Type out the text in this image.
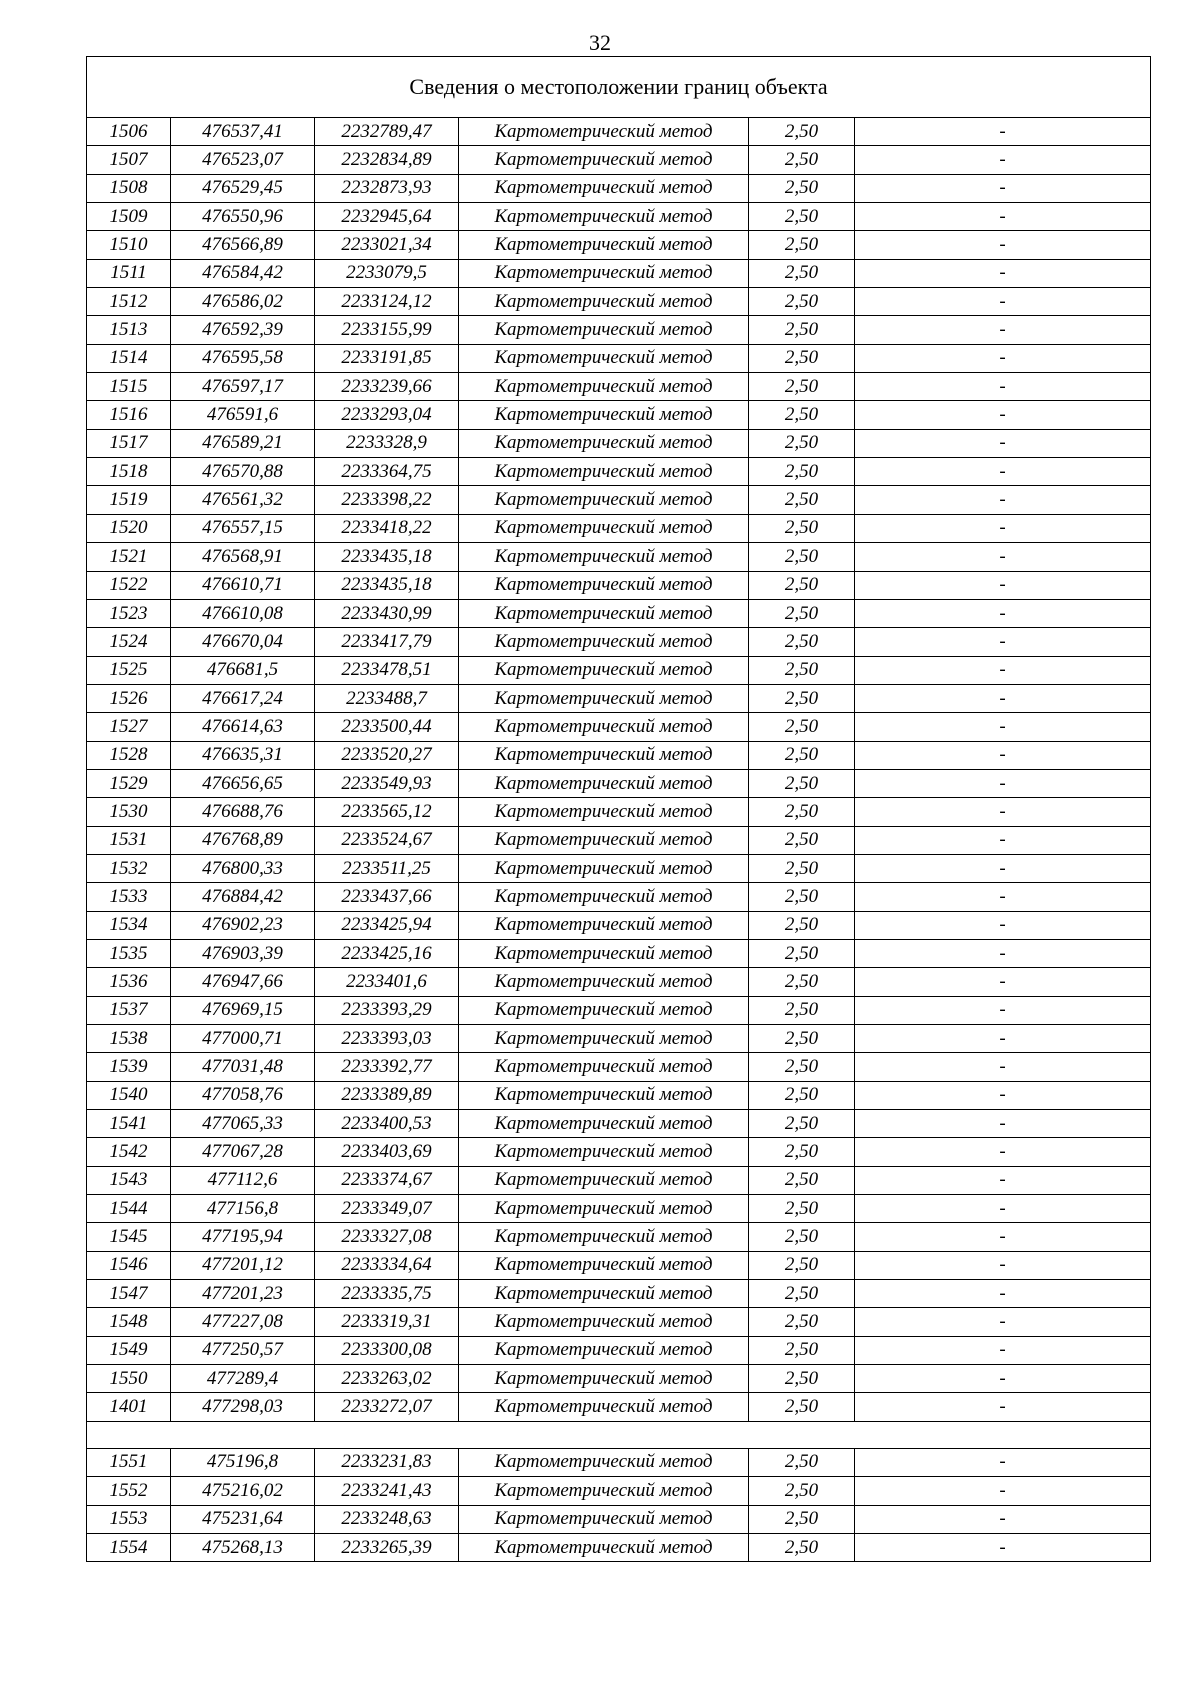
32
Сведения о местоположении границ объекта					
1506	476537,41	2232789,47	Картометрический метод	2,50	-
1507	476523,07	2232834,89	Картометрический метод	2,50	-
1508	476529,45	2232873,93	Картометрический метод	2,50	-
1509	476550,96	2232945,64	Картометрический метод	2,50	-
1510	476566,89	2233021,34	Картометрический метод	2,50	-
1511	476584,42	2233079,5	Картометрический метод	2,50	-
1512	476586,02	2233124,12	Картометрический метод	2,50	-
1513	476592,39	2233155,99	Картометрический метод	2,50	-
1514	476595,58	2233191,85	Картометрический метод	2,50	-
1515	476597,17	2233239,66	Картометрический метод	2,50	-
1516	476591,6	2233293,04	Картометрический метод	2,50	-
1517	476589,21	2233328,9	Картометрический метод	2,50	-
1518	476570,88	2233364,75	Картометрический метод	2,50	-
1519	476561,32	2233398,22	Картометрический метод	2,50	-
1520	476557,15	2233418,22	Картометрический метод	2,50	-
1521	476568,91	2233435,18	Картометрический метод	2,50	-
1522	476610,71	2233435,18	Картометрический метод	2,50	-
1523	476610,08	2233430,99	Картометрический метод	2,50	-
1524	476670,04	2233417,79	Картометрический метод	2,50	-
1525	476681,5	2233478,51	Картометрический метод	2,50	-
1526	476617,24	2233488,7	Картометрический метод	2,50	-
1527	476614,63	2233500,44	Картометрический метод	2,50	-
1528	476635,31	2233520,27	Картометрический метод	2,50	-
1529	476656,65	2233549,93	Картометрический метод	2,50	-
1530	476688,76	2233565,12	Картометрический метод	2,50	-
1531	476768,89	2233524,67	Картометрический метод	2,50	-
1532	476800,33	2233511,25	Картометрический метод	2,50	-
1533	476884,42	2233437,66	Картометрический метод	2,50	-
1534	476902,23	2233425,94	Картометрический метод	2,50	-
1535	476903,39	2233425,16	Картометрический метод	2,50	-
1536	476947,66	2233401,6	Картометрический метод	2,50	-
1537	476969,15	2233393,29	Картометрический метод	2,50	-
1538	477000,71	2233393,03	Картометрический метод	2,50	-
1539	477031,48	2233392,77	Картометрический метод	2,50	-
1540	477058,76	2233389,89	Картометрический метод	2,50	-
1541	477065,33	2233400,53	Картометрический метод	2,50	-
1542	477067,28	2233403,69	Картометрический метод	2,50	-
1543	477112,6	2233374,67	Картометрический метод	2,50	-
1544	477156,8	2233349,07	Картометрический метод	2,50	-
1545	477195,94	2233327,08	Картометрический метод	2,50	-
1546	477201,12	2233334,64	Картометрический метод	2,50	-
1547	477201,23	2233335,75	Картометрический метод	2,50	-
1548	477227,08	2233319,31	Картометрический метод	2,50	-
1549	477250,57	2233300,08	Картометрический метод	2,50	-
1550	477289,4	2233263,02	Картометрический метод	2,50	-
1401	477298,03	2233272,07	Картометрический метод	2,50	-

1551	475196,8	2233231,83	Картометрический метод	2,50	-
1552	475216,02	2233241,43	Картометрический метод	2,50	-
1553	475231,64	2233248,63	Картометрический метод	2,50	-
1554	475268,13	2233265,39	Картометрический метод	2,50	-
